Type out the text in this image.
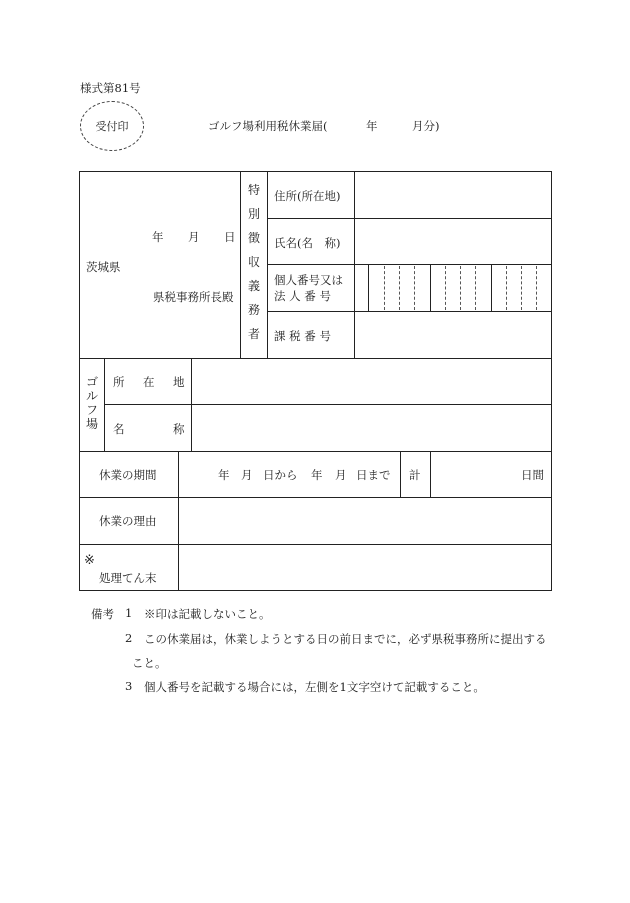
様式第81号
受付印	ゴルフ場利用税休業届(	年	月分)
年 月 日
茨城県
県税事務所長殿
特
別
徴
収
義
務
者
住所(所在地)
氏名(名　称)
個人番号又は
法 人 番 号
課 税 番 号
ゴ
ル
フ
場
所 在 地
名	称
休業の期間	年 月 日から 年 月 日まで 計	日間
休業の理由
※
処理てん末
備考 1 ※印は記載しないこと。
2 この休業届は，休業しようとする日の前日までに，必ず県税事務所に提出する
こと。
3 個人番号を記載する場合には，左側を1文字空けて記載すること。
